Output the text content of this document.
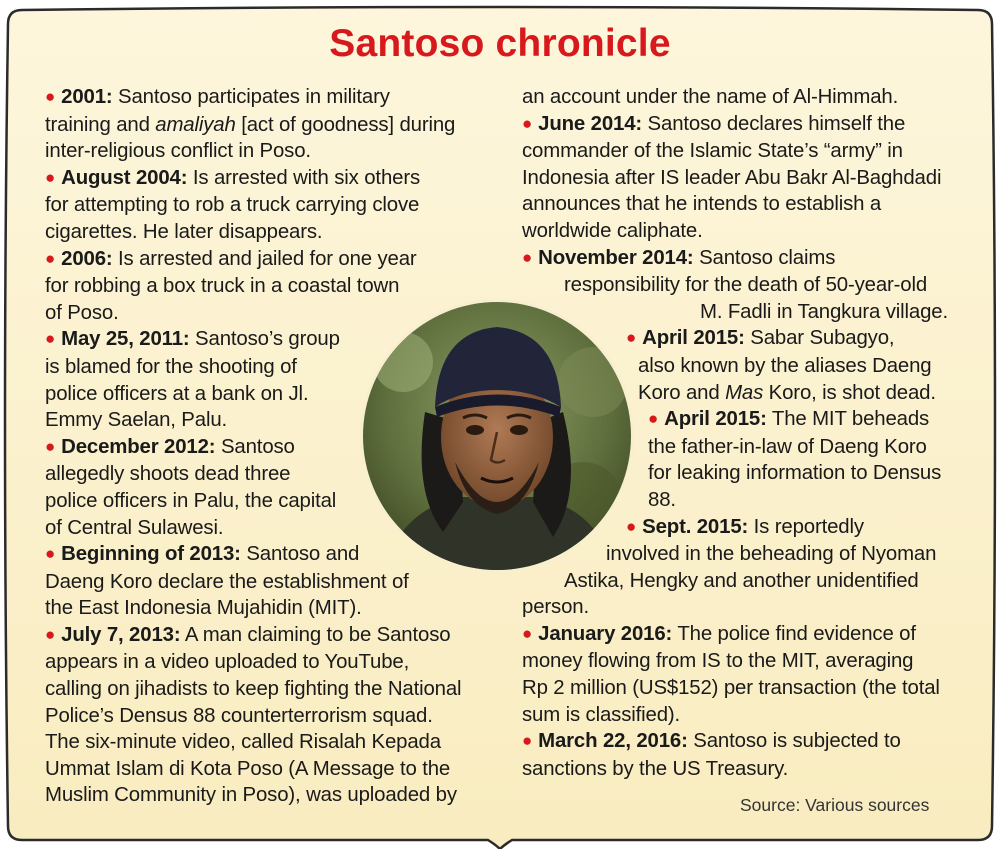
Santoso chronicle
● 2001: Santoso participates in military
training and amaliyah [act of goodness] during
inter-religious conflict in Poso.
● August 2004: Is arrested with six others
for attempting to rob a truck carrying clove
cigarettes. He later disappears.
● 2006: Is arrested and jailed for one year
for robbing a box truck in a coastal town
of Poso.
● May 25, 2011: Santoso’s group
is blamed for the shooting of
police officers at a bank on Jl.
Emmy Saelan, Palu.
● December 2012: Santoso
allegedly shoots dead three
police officers in Palu, the capital
of Central Sulawesi.
● Beginning of 2013: Santoso and
Daeng Koro declare the establishment of
the East Indonesia Mujahidin (MIT).
● July 7, 2013: A man claiming to be Santoso
appears in a video uploaded to YouTube,
calling on jihadists to keep fighting the National
Police’s Densus 88 counterterrorism squad.
The six-minute video, called Risalah Kepada
Ummat Islam di Kota Poso (A Message to the
Muslim Community in Poso), was uploaded by
an account under the name of Al-Himmah.
● June 2014: Santoso declares himself the
commander of the Islamic State’s “army” in
Indonesia after IS leader Abu Bakr Al-Baghdadi
announces that he intends to establish a
worldwide caliphate.
● November 2014: Santoso claims
responsibility for the death of 50-year-old
M. Fadli in Tangkura village.
● April 2015: Sabar Subagyo,
also known by the aliases Daeng
Koro and Mas Koro, is shot dead.
● April 2015: The MIT beheads
the father-in-law of Daeng Koro
for leaking information to Densus
88.
● Sept. 2015: Is reportedly
involved in the beheading of Nyoman
Astika, Hengky and another unidentified
person.
● January 2016: The police find evidence of
money flowing from IS to the MIT, averaging
Rp 2 million (US$152) per transaction (the total
sum is classified).
● March 22, 2016: Santoso is subjected to
sanctions by the US Treasury.
Source: Various sources
